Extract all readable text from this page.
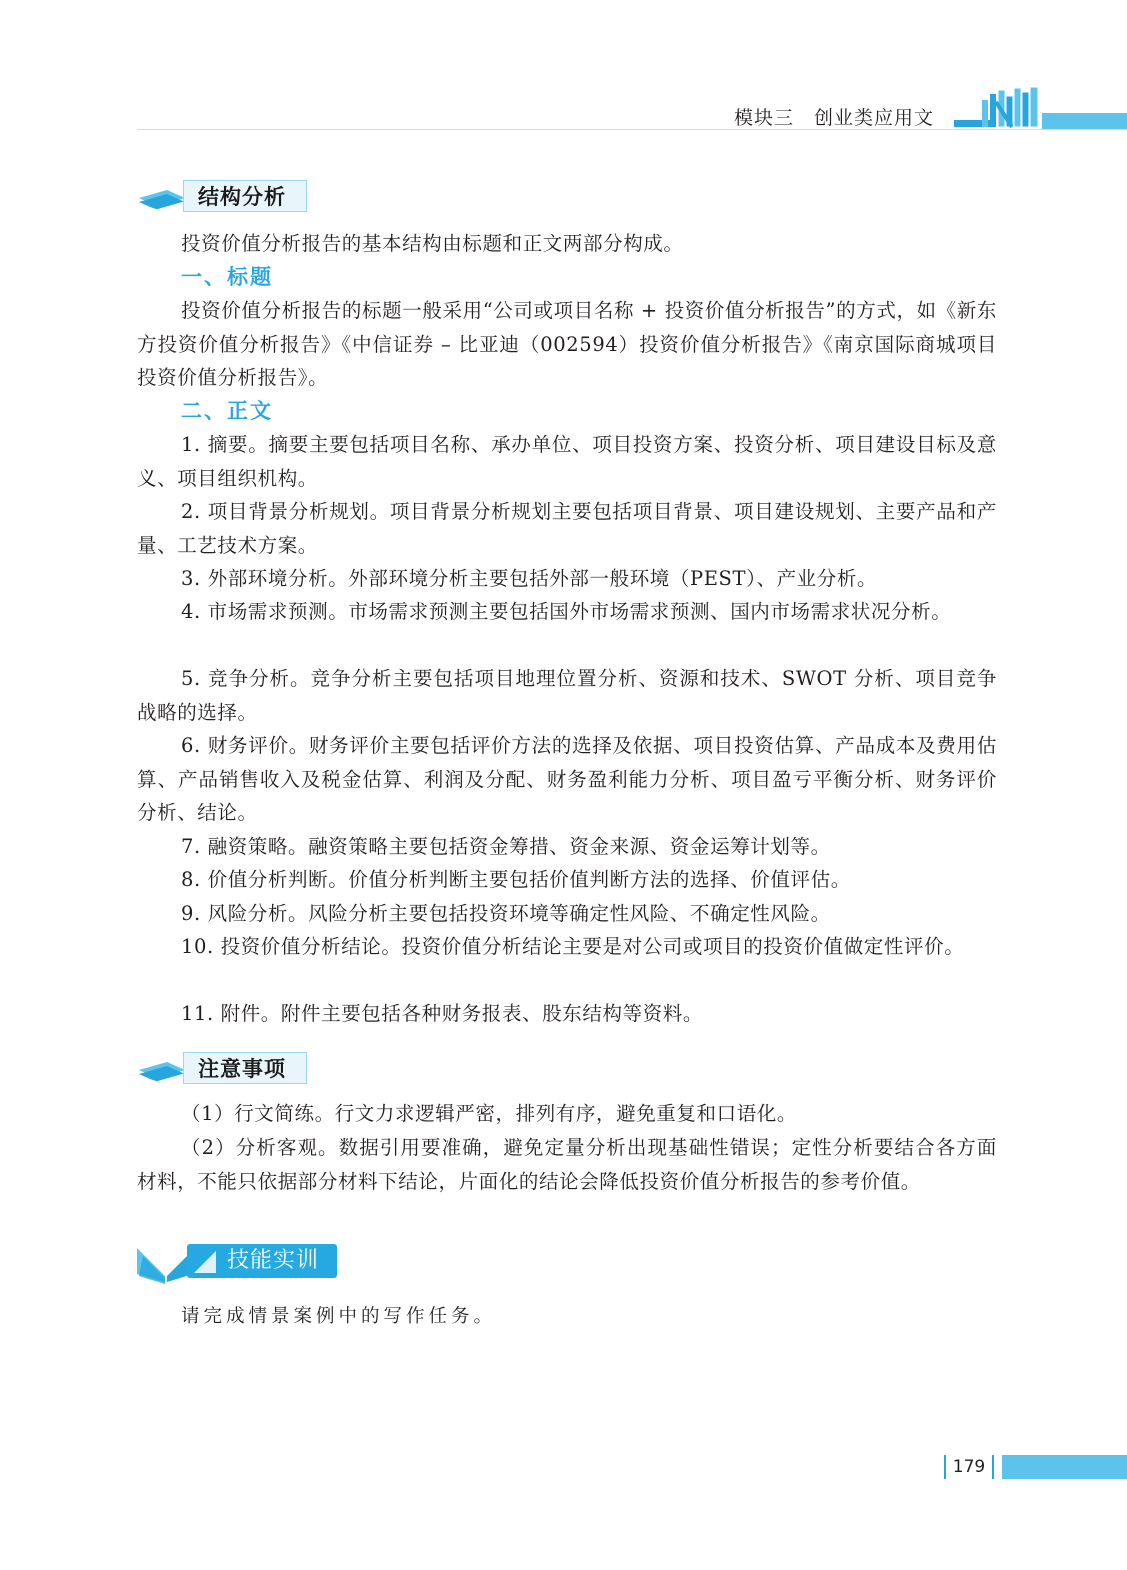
模块三　创业类应用文
结构分析

投资价值分析报告的基本结构由标题和正文两部分构成。

一、标题

投资价值分析报告的标题一般采用“公司或项目名称 + 投资价值分析报告”的方式，如《新东方投资价值分析报告》《中信证券 – 比亚迪（002594）投资价值分析报告》《南京国际商城项目投资价值分析报告》。

二、正文

1. 摘要。摘要主要包括项目名称、承办单位、项目投资方案、投资分析、项目建设目标及意义、项目组织机构。

2. 项目背景分析规划。项目背景分析规划主要包括项目背景、项目建设规划、主要产品和产量、工艺技术方案。

3. 外部环境分析。外部环境分析主要包括外部一般环境（PEST）、产业分析。

4. 市场需求预测。市场需求预测主要包括国外市场需求预测、国内市场需求状况分析。

5. 竞争分析。竞争分析主要包括项目地理位置分析、资源和技术、SWOT 分析、项目竞争战略的选择。

6. 财务评价。财务评价主要包括评价方法的选择及依据、项目投资估算、产品成本及费用估算、产品销售收入及税金估算、利润及分配、财务盈利能力分析、项目盈亏平衡分析、财务评价分析、结论。

7. 融资策略。融资策略主要包括资金筹措、资金来源、资金运筹计划等。

8. 价值分析判断。价值分析判断主要包括价值判断方法的选择、价值评估。

9. 风险分析。风险分析主要包括投资环境等确定性风险、不确定性风险。

10. 投资价值分析结论。投资价值分析结论主要是对公司或项目的投资价值做定性评价。

11. 附件。附件主要包括各种财务报表、股东结构等资料。

注意事项

（1）行文简练。行文力求逻辑严密，排列有序，避免重复和口语化。

（2）分析客观。数据引用要准确，避免定量分析出现基础性错误；定性分析要结合各方面材料，不能只依据部分材料下结论，片面化的结论会降低投资价值分析报告的参考价值。

技能实训
请完成情景案例中的写作任务。
179
